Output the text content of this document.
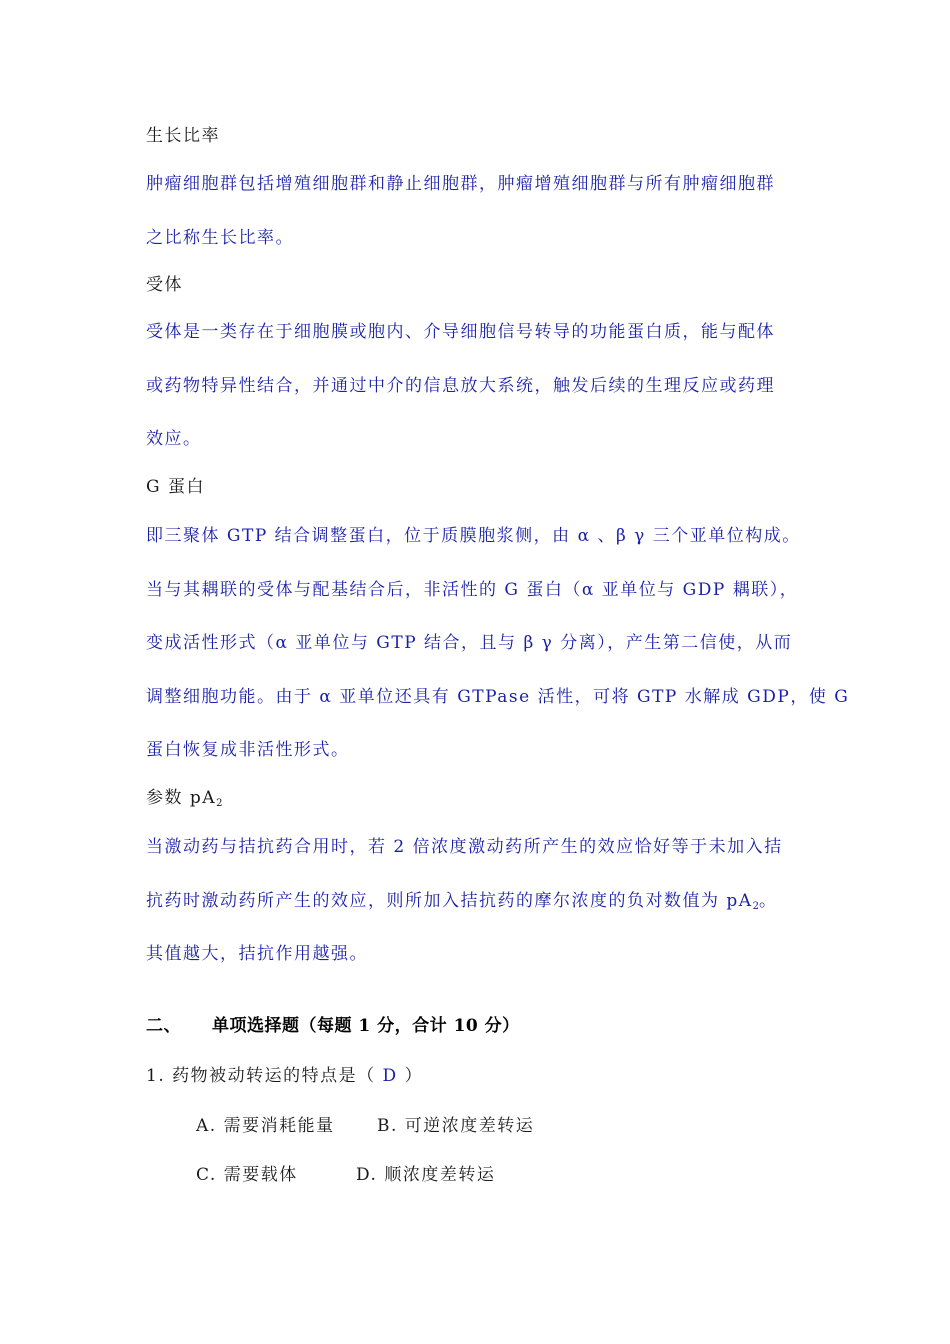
生长比率
肿瘤细胞群包括增殖细胞群和静止细胞群，肿瘤增殖细胞群与所有肿瘤细胞群
之比称生长比率。
受体
受体是一类存在于细胞膜或胞内、介导细胞信号转导的功能蛋白质，能与配体
或药物特异性结合，并通过中介的信息放大系统，触发后续的生理反应或药理
效应。
G 蛋白
即三聚体 GTP 结合调整蛋白，位于质膜胞浆侧，由 α 、β γ 三个亚单位构成。
当与其耦联的受体与配基结合后，非活性的 G 蛋白（α 亚单位与 GDP 耦联），
变成活性形式（α 亚单位与 GTP 结合，且与 β γ 分离），产生第二信使，从而
调整细胞功能。由于 α 亚单位还具有 GTPase 活性，可将 GTP 水解成 GDP，使 G
蛋白恢复成非活性形式。
参数 $pA_2$
当激动药与拮抗药合用时，若 2 倍浓度激动药所产生的效应恰好等于未加入拮
抗药时激动药所产生的效应，则所加入拮抗药的摩尔浓度的负对数值为 $pA_2$。
其值越大，拮抗作用越强。
二、 单项选择题（每题 1 分，合计 10 分）
1. 药物被动转运的特点是（ D ）
A. 需要消耗能量 B. 可逆浓度差转运
C. 需要载体	D. 顺浓度差转运
